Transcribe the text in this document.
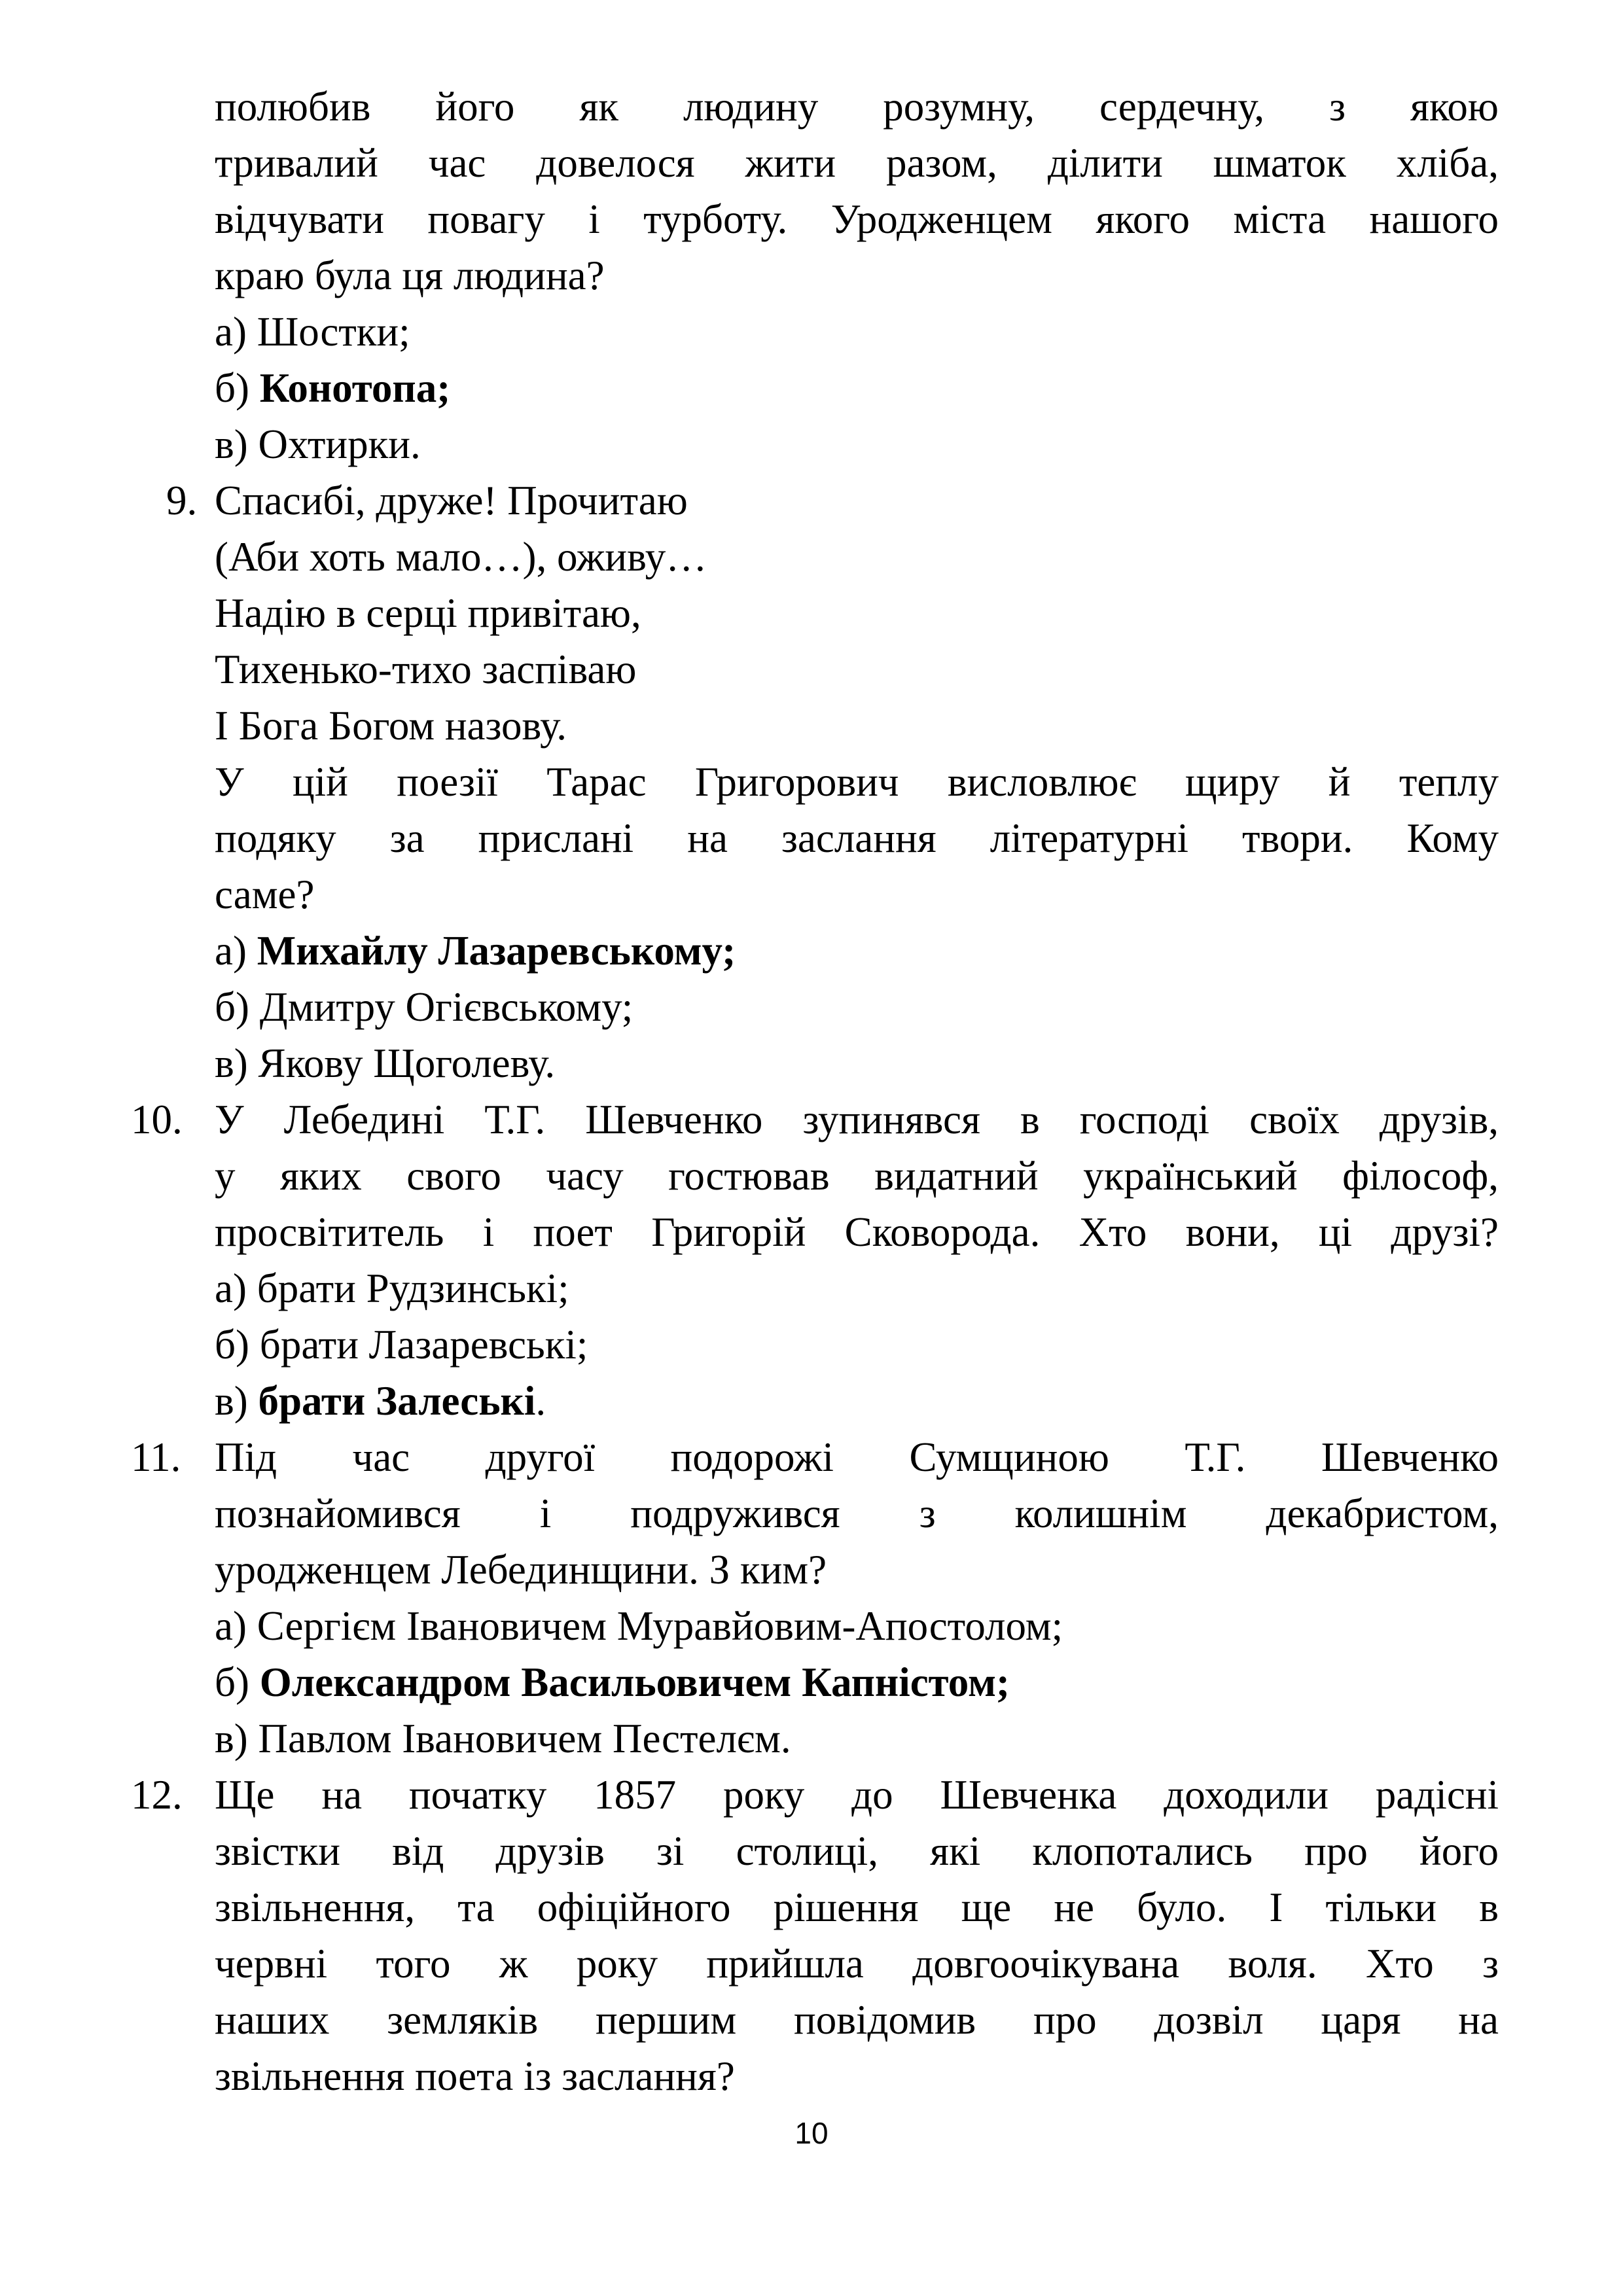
полюбив його як людину розумну, сердечну, з якою
тривалий час довелося жити разом, ділити шматок хліба,
відчувати повагу і турботу. Уродженцем якого міста нашого
краю була ця людина?
а) Шостки;
б) Конотопа;
в) Охтирки.
9. Спасибі, друже! Прочитаю
(Аби хоть мало…), оживу…
Надію в серці привітаю,
Тихенько-тихо заспіваю
І Бога Богом назову.
У цій поезії Тарас Григорович висловлює щиру й теплу
подяку за прислані на заслання літературні твори. Кому
саме?
а) Михайлу Лазаревському;
б) Дмитру Огієвському;
в) Якову Щоголеву.
10. У Лебедині Т.Г. Шевченко зупинявся в господі своїх друзів,
у яких свого часу гостював видатний український філософ,
просвітитель і поет Григорій Сковорода. Хто вони, ці друзі?
а) брати Рудзинські;
б) брати Лазаревські;
в) брати Залеські.
11. Під час другої подорожі Сумщиною Т.Г. Шевченко
познайомився і подружився з колишнім декабристом,
уродженцем Лебединщини. З ким?
а) Сергієм Івановичем Муравйовим-Апостолом;
б) Олександром Васильовичем Капністом;
в) Павлом Івановичем Пестелєм.
12. Ще на початку 1857 року до Шевченка доходили радісні
звістки від друзів зі столиці, які клопотались про його
звільнення, та офіційного рішення ще не було. І тільки в
червні того ж року прийшла довгоочікувана воля. Хто з
наших земляків першим повідомив про дозвіл царя на
звільнення поета із заслання?
10
